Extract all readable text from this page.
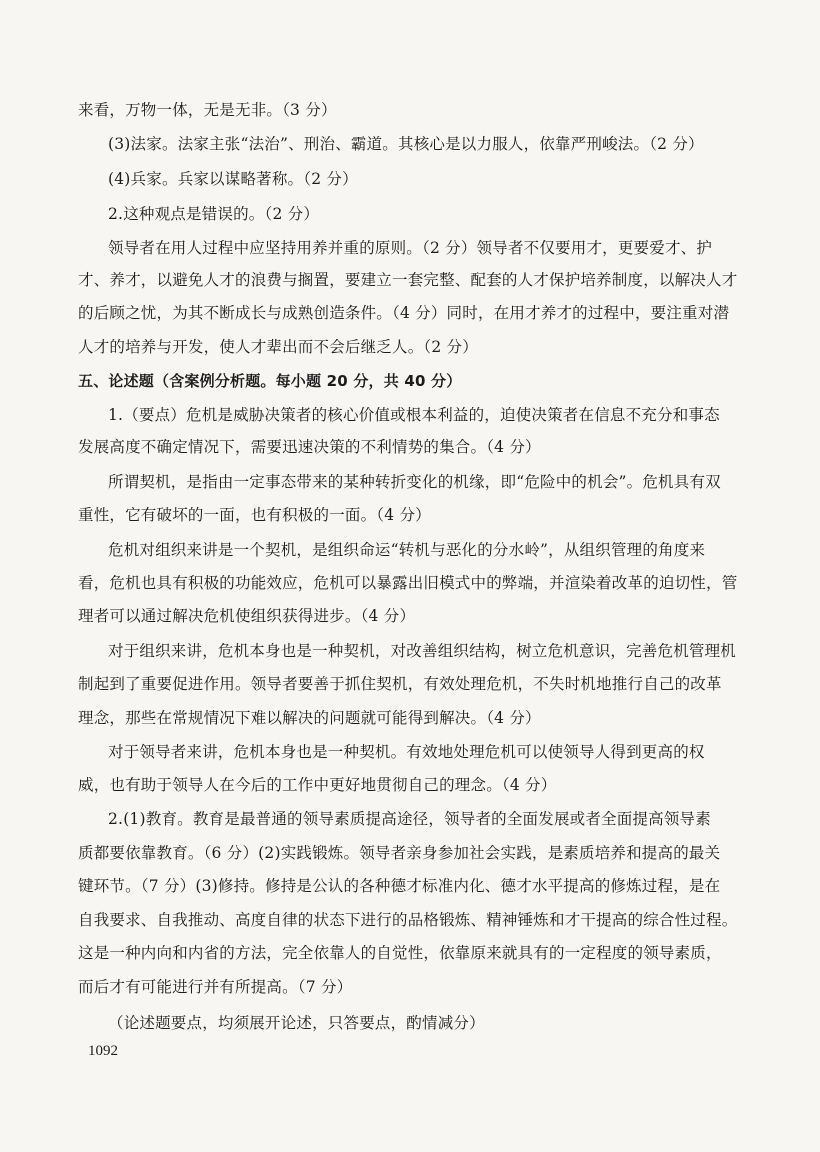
来看，万物一体，无是无非。（3 分）
(3)法家。法家主张“法治”、刑治、霸道。其核心是以力服人，依靠严刑峻法。（2 分）
(4)兵家。兵家以谋略著称。（2 分）
2.这种观点是错误的。（2 分）
领导者在用人过程中应坚持用养并重的原则。（2 分）领导者不仅要用才，更要爱才、护
才、养才，以避免人才的浪费与搁置，要建立一套完整、配套的人才保护培养制度，以解决人才
的后顾之忧，为其不断成长与成熟创造条件。（4 分）同时，在用才养才的过程中，要注重对潜
人才的培养与开发，使人才辈出而不会后继乏人。（2 分）
五、论述题（含案例分析题。每小题 20 分，共 40 分）
1.（要点）危机是威胁决策者的核心价值或根本利益的，迫使决策者在信息不充分和事态
发展高度不确定情况下，需要迅速决策的不利情势的集合。（4 分）
所谓契机，是指由一定事态带来的某种转折变化的机缘，即“危险中的机会”。危机具有双
重性，它有破坏的一面，也有积极的一面。（4 分）
危机对组织来讲是一个契机，是组织命运“转机与恶化的分水岭”，从组织管理的角度来
看，危机也具有积极的功能效应，危机可以暴露出旧模式中的弊端，并渲染着改革的迫切性，管
理者可以通过解决危机使组织获得进步。（4 分）
对于组织来讲，危机本身也是一种契机，对改善组织结构，树立危机意识，完善危机管理机
制起到了重要促进作用。领导者要善于抓住契机，有效处理危机，不失时机地推行自己的改革
理念，那些在常规情况下难以解决的问题就可能得到解决。（4 分）
对于领导者来讲，危机本身也是一种契机。有效地处理危机可以使领导人得到更高的权
威，也有助于领导人在今后的工作中更好地贯彻自己的理念。（4 分）
2.(1)教育。教育是最普通的领导素质提高途径，领导者的全面发展或者全面提高领导素
质都要依靠教育。（6 分）(2)实践锻炼。领导者亲身参加社会实践，是素质培养和提高的最关
键环节。（7 分）(3)修持。修持是公认的各种德才标准内化、德才水平提高的修炼过程，是在
自我要求、自我推动、高度自律的状态下进行的品格锻炼、精神锤炼和才干提高的综合性过程。
这是一种内向和内省的方法，完全依靠人的自觉性，依靠原来就具有的一定程度的领导素质，
而后才有可能进行并有所提高。（7 分）
（论述题要点，均须展开论述，只答要点，酌情减分）
1092
